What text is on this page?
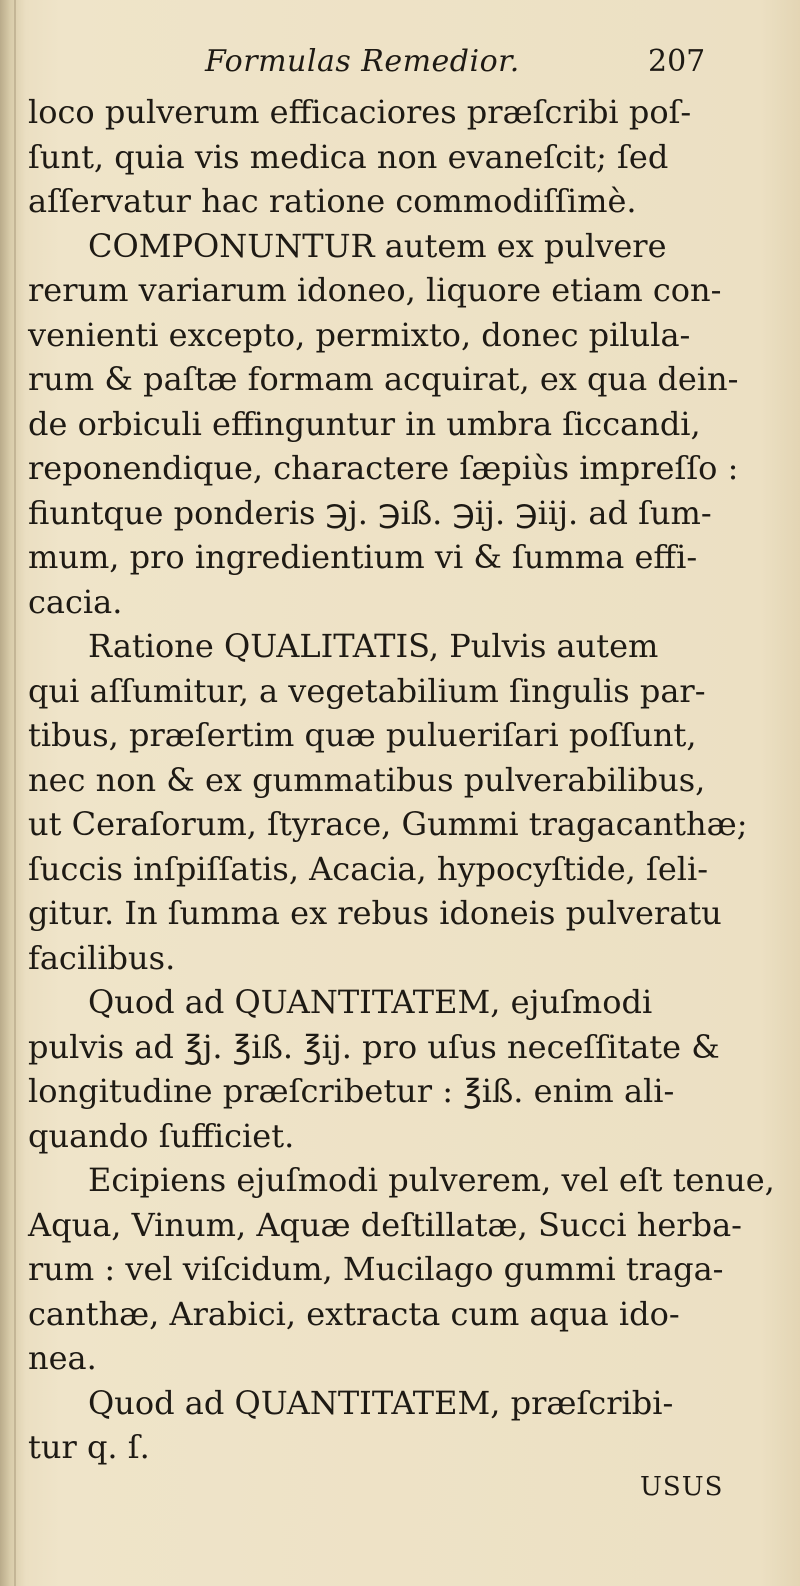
Formulas Remedior.	207
loco pulverum efficaciores præſcribi poſ-
ſunt, quia vis medica non evaneſcit; ſed
aſſervatur hac ratione commodiſſimè.
COMPONUNTUR autem ex pulvere
rerum variarum idoneo, liquore etiam con-
venienti excepto, permixto, donec pilula-
rum & paſtæ formam acquirat, ex qua dein-
de orbiculi effinguntur in umbra ſiccandi,
reponendique, charactere ſæpiùs impreſſo :
fiuntque ponderis ℈j. ℈iß. ℈ij. ℈iij. ad ſum-
mum, pro ingredientium vi & ſumma effi-
cacia.
Ratione QUALITATIS, Pulvis autem
qui aſſumitur, a vegetabilium ſingulis par-
tibus, præſertim quæ pulueriſari poſſunt,
nec non & ex gummatibus pulverabilibus,
ut Ceraſorum, ſtyrace, Gummi tragacanthæ;
ſuccis inſpiſſatis, Acacia, hypocyſtide, ſeli-
gitur. In ſumma ex rebus idoneis pulveratu
facilibus.
Quod ad QUANTITATEM, ejuſmodi
pulvis ad ℥j. ℥iß. ℥ij. pro uſus neceſſitate &
longitudine præſcribetur : ℥iß. enim ali-
quando ſufficiet.
Ecipiens ejuſmodi pulverem, vel eſt tenue,
Aqua, Vinum, Aquæ deſtillatæ, Succi herba-
rum : vel viſcidum, Mucilago gummi traga-
canthæ, Arabici, extracta cum aqua ido-
nea.
Quod ad QUANTITATEM, præſcribi-
tur q. ſ.
USUS
